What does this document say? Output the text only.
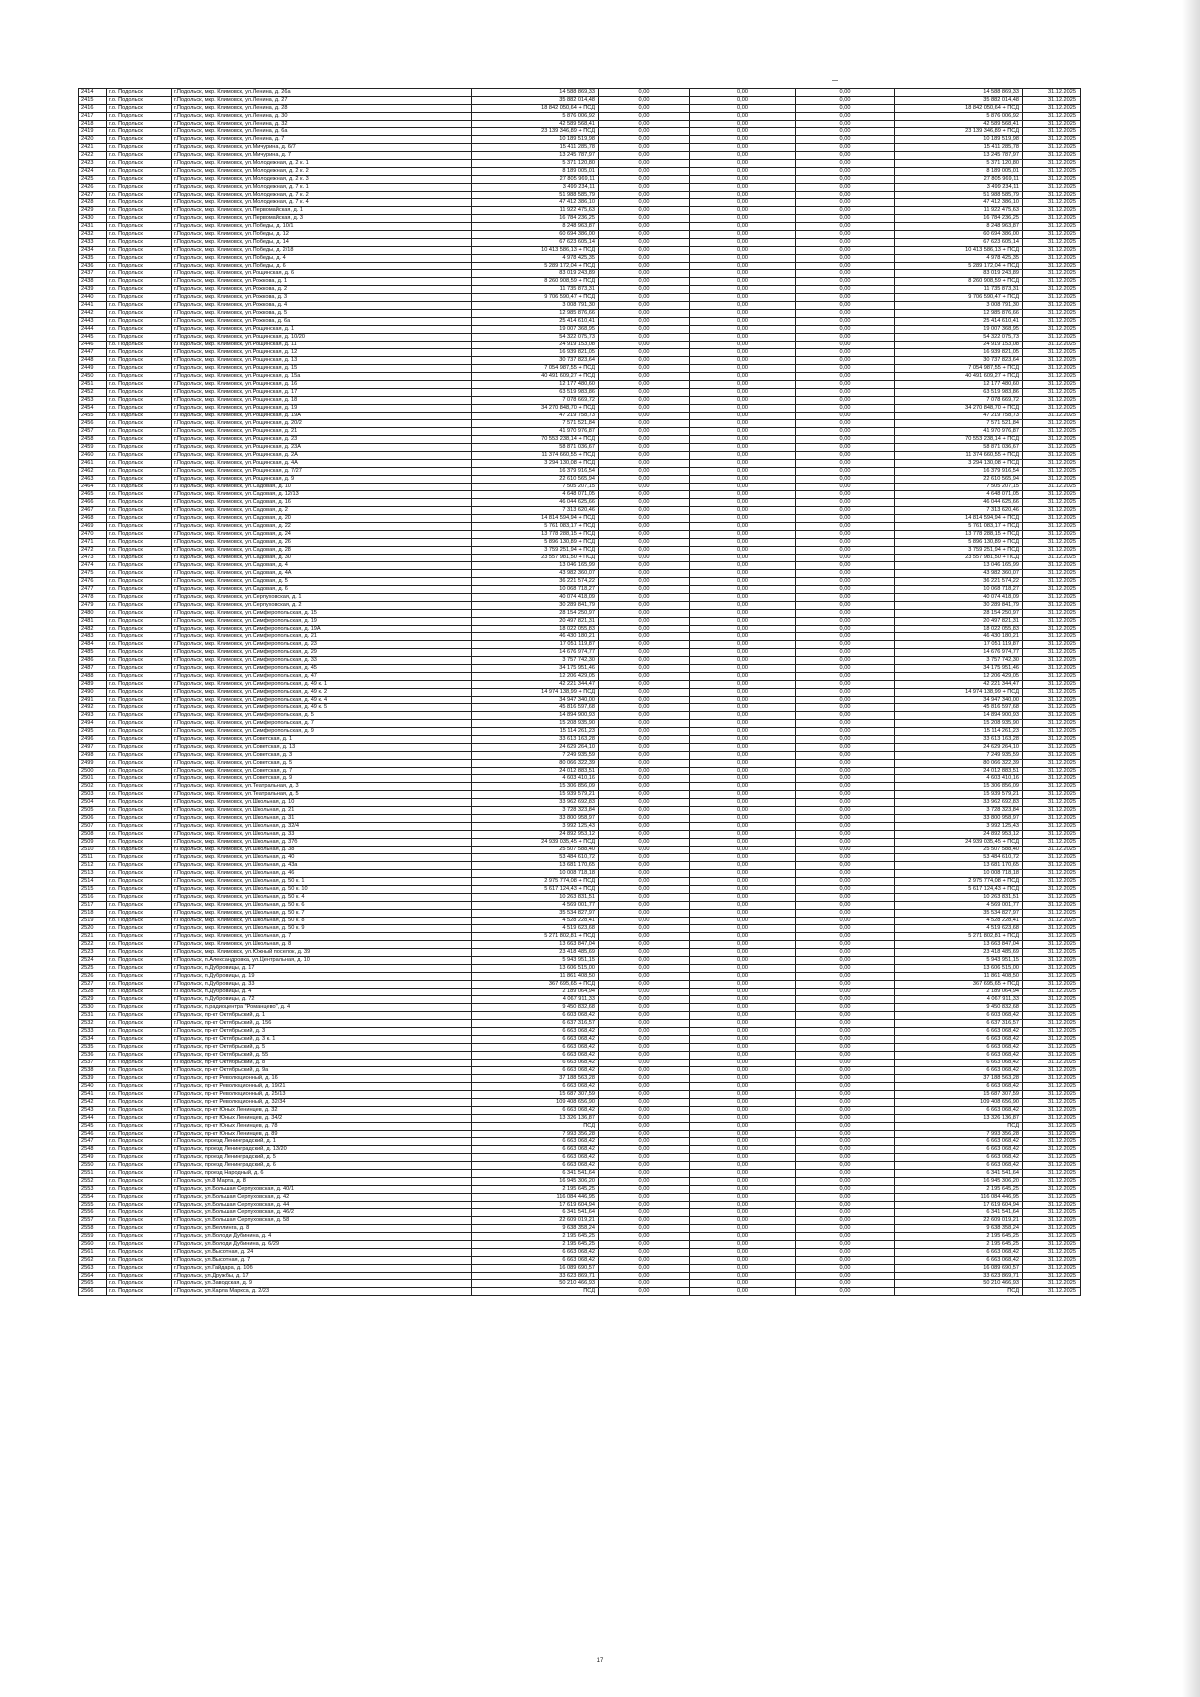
2414	г.о. Подольск	г.Подольск, мкр. Климовск, ул.Ленина, д. 26а	14 588 869,33	0,00	0,00	0,00	14 588 869,33	31.12.2025
2415	г.о. Подольск	г.Подольск, мкр. Климовск, ул.Ленина, д. 27	35 882 014,48	0,00	0,00	0,00	35 882 014,48	31.12.2025
2416	г.о. Подольск	г.Подольск, мкр. Климовск, ул.Ленина, д. 28	18 842 050,64 + ПСД	0,00	0,00	0,00	18 842 050,64 + ПСД	31.12.2025
2417	г.о. Подольск	г.Подольск, мкр. Климовск, ул.Ленина, д. 30	5 876 006,92	0,00	0,00	0,00	5 876 006,92	31.12.2025
2418	г.о. Подольск	г.Подольск, мкр. Климовск, ул.Ленина, д. 32	42 589 568,41	0,00	0,00	0,00	42 589 568,41	31.12.2025
2419	г.о. Подольск	г.Подольск, мкр. Климовск, ул.Ленина, д. 6а	23 139 346,89 + ПСД	0,00	0,00	0,00	23 139 346,89 + ПСД	31.12.2025
2420	г.о. Подольск	г.Подольск, мкр. Климовск, ул.Ленина, д. 7	10 189 519,98	0,00	0,00	0,00	10 189 519,98	31.12.2025
2421	г.о. Подольск	г.Подольск, мкр. Климовск, ул.Мичурина, д. 6/7	15 411 285,78	0,00	0,00	0,00	15 411 285,78	31.12.2025
2422	г.о. Подольск	г.Подольск, мкр. Климовск, ул.Мичурина, д. 7	13 245 787,97	0,00	0,00	0,00	13 245 787,97	31.12.2025
2423	г.о. Подольск	г.Подольск, мкр. Климовск, ул.Молодежная, д. 2 к. 1	5 371 120,80	0,00	0,00	0,00	5 371 120,80	31.12.2025
2424	г.о. Подольск	г.Подольск, мкр. Климовск, ул.Молодежная, д. 2 к. 2	8 189 005,01	0,00	0,00	0,00	8 189 005,01	31.12.2025
2425	г.о. Подольск	г.Подольск, мкр. Климовск, ул.Молодежная, д. 2 к. 3	27 805 969,11	0,00	0,00	0,00	27 805 969,11	31.12.2025
2426	г.о. Подольск	г.Подольск, мкр. Климовск, ул.Молодежная, д. 7 к. 1	3 499 234,11	0,00	0,00	0,00	3 499 234,11	31.12.2025
2427	г.о. Подольск	г.Подольск, мкр. Климовск, ул.Молодежная, д. 7 к. 2	51 988 585,79	0,00	0,00	0,00	51 988 585,79	31.12.2025
2428	г.о. Подольск	г.Подольск, мкр. Климовск, ул.Молодежная, д. 7 к. 4	47 412 386,10	0,00	0,00	0,00	47 412 386,10	31.12.2025
2429	г.о. Подольск	г.Подольск, мкр. Климовск, ул.Первомайская, д. 1	11 922 475,63	0,00	0,00	0,00	11 922 475,63	31.12.2025
2430	г.о. Подольск	г.Подольск, мкр. Климовск, ул.Первомайская, д. 3	16 784 236,25	0,00	0,00	0,00	16 784 236,25	31.12.2025
2431	г.о. Подольск	г.Подольск, мкр. Климовск, ул.Победы, д. 10/1	8 248 963,87	0,00	0,00	0,00	8 248 963,87	31.12.2025
2432	г.о. Подольск	г.Подольск, мкр. Климовск, ул.Победы, д. 12	60 694 386,00	0,00	0,00	0,00	60 694 386,00	31.12.2025
2433	г.о. Подольск	г.Подольск, мкр. Климовск, ул.Победы, д. 14	67 623 605,14	0,00	0,00	0,00	67 623 605,14	31.12.2025
2434	г.о. Подольск	г.Подольск, мкр. Климовск, ул.Победы, д. 2/18	10 413 586,13 + ПСД	0,00	0,00	0,00	10 413 586,13 + ПСД	31.12.2025
2435	г.о. Подольск	г.Подольск, мкр. Климовск, ул.Победы, д. 4	4 978 425,35	0,00	0,00	0,00	4 978 425,35	31.12.2025
2436	г.о. Подольск	г.Подольск, мкр. Климовск, ул.Победы, д. 6	5 289 172,04 + ПСД	0,00	0,00	0,00	5 289 172,04 + ПСД	31.12.2025
2437	г.о. Подольск	г.Подольск, мкр. Климовск, ул.Рощинская, д. 6	83 019 243,89	0,00	0,00	0,00	83 019 243,89	31.12.2025
2438	г.о. Подольск	г.Подольск, мкр. Климовск, ул.Рожкова, д. 1	8 260 908,59 + ПСД	0,00	0,00	0,00	8 260 908,59 + ПСД	31.12.2025
2439	г.о. Подольск	г.Подольск, мкр. Климовск, ул.Рожкова, д. 2	11 735 873,31	0,00	0,00	0,00	11 735 873,31	31.12.2025
2440	г.о. Подольск	г.Подольск, мкр. Климовск, ул.Рожкова, д. 3	9 706 590,47 + ПСД	0,00	0,00	0,00	9 706 590,47 + ПСД	31.12.2025
2441	г.о. Подольск	г.Подольск, мкр. Климовск, ул.Рожкова, д. 4	3 008 791,30	0,00	0,00	0,00	3 008 791,30	31.12.2025
2442	г.о. Подольск	г.Подольск, мкр. Климовск, ул.Рожкова, д. 5	12 985 876,66	0,00	0,00	0,00	12 985 876,66	31.12.2025
2443	г.о. Подольск	г.Подольск, мкр. Климовск, ул.Рожкова, д. 6а	25 414 610,41	0,00	0,00	0,00	25 414 610,41	31.12.2025
2444	г.о. Подольск	г.Подольск, мкр. Климовск, ул.Рощинская, д. 1	19 007 368,95	0,00	0,00	0,00	19 007 368,95	31.12.2025
2445	г.о. Подольск	г.Подольск, мкр. Климовск, ул.Рощинская, д. 10/20	54 322 075,73	0,00	0,00	0,00	54 322 075,73	31.12.2025
2446	г.о. Подольск	г.Подольск, мкр. Климовск, ул.Рощинская, д. 11	24 919 153,08	0,00	0,00	0,00	24 919 153,08	31.12.2025
2447	г.о. Подольск	г.Подольск, мкр. Климовск, ул.Рощинская, д. 12	16 939 821,05	0,00	0,00	0,00	16 939 821,05	31.12.2025
2448	г.о. Подольск	г.Подольск, мкр. Климовск, ул.Рощинская, д. 13	30 737 823,64	0,00	0,00	0,00	30 737 823,64	31.12.2025
2449	г.о. Подольск	г.Подольск, мкр. Климовск, ул.Рощинская, д. 15	7 054 987,55 + ПСД	0,00	0,00	0,00	7 054 987,55 + ПСД	31.12.2025
2450	г.о. Подольск	г.Подольск, мкр. Климовск, ул.Рощинская, д. 15а	40 491 609,27 + ПСД	0,00	0,00	0,00	40 491 609,27 + ПСД	31.12.2025
2451	г.о. Подольск	г.Подольск, мкр. Климовск, ул.Рощинская, д. 16	12 177 480,60	0,00	0,00	0,00	12 177 480,60	31.12.2025
2452	г.о. Подольск	г.Подольск, мкр. Климовск, ул.Рощинская, д. 17	63 519 983,86	0,00	0,00	0,00	63 519 983,86	31.12.2025
2453	г.о. Подольск	г.Подольск, мкр. Климовск, ул.Рощинская, д. 18	7 078 669,72	0,00	0,00	0,00	7 078 669,72	31.12.2025
2454	г.о. Подольск	г.Подольск, мкр. Климовск, ул.Рощинская, д. 19	34 270 848,70 + ПСД	0,00	0,00	0,00	34 270 848,70 + ПСД	31.12.2025
2455	г.о. Подольск	г.Подольск, мкр. Климовск, ул.Рощинская, д. 19А	47 219 758,73	0,00	0,00	0,00	47 219 758,73	31.12.2025
2456	г.о. Подольск	г.Подольск, мкр. Климовск, ул.Рощинская, д. 20/2	7 571 521,84	0,00	0,00	0,00	7 571 521,84	31.12.2025
2457	г.о. Подольск	г.Подольск, мкр. Климовск, ул.Рощинская, д. 21	41 970 976,87	0,00	0,00	0,00	41 970 976,87	31.12.2025
2458	г.о. Подольск	г.Подольск, мкр. Климовск, ул.Рощинская, д. 23	70 553 238,14 + ПСД	0,00	0,00	0,00	70 553 238,14 + ПСД	31.12.2025
2459	г.о. Подольск	г.Подольск, мкр. Климовск, ул.Рощинская, д. 23А	58 871 036,67	0,00	0,00	0,00	58 871 036,67	31.12.2025
2460	г.о. Подольск	г.Подольск, мкр. Климовск, ул.Рощинская, д. 2А	11 374 660,55 + ПСД	0,00	0,00	0,00	11 374 660,55 + ПСД	31.12.2025
2461	г.о. Подольск	г.Подольск, мкр. Климовск, ул.Рощинская, д. 4А	3 294 130,08 + ПСД	0,00	0,00	0,00	3 294 130,08 + ПСД	31.12.2025
2462	г.о. Подольск	г.Подольск, мкр. Климовск, ул.Рощинская, д. 7/27	16 379 916,54	0,00	0,00	0,00	16 379 916,54	31.12.2025
2463	г.о. Подольск	г.Подольск, мкр. Климовск, ул.Рощинская, д. 9	22 610 565,94	0,00	0,00	0,00	22 610 565,94	31.12.2025
2464	г.о. Подольск	г.Подольск, мкр. Климовск, ул.Садовая, д. 10	7 505 207,15	0,00	0,00	0,00	7 505 207,15	31.12.2025
2465	г.о. Подольск	г.Подольск, мкр. Климовск, ул.Садовая, д. 12/13	4 648 071,05	0,00	0,00	0,00	4 648 071,05	31.12.2025
2466	г.о. Подольск	г.Подольск, мкр. Климовск, ул.Садовая, д. 16	46 044 625,66	0,00	0,00	0,00	46 044 625,66	31.12.2025
2467	г.о. Подольск	г.Подольск, мкр. Климовск, ул.Садовая, д. 2	7 313 620,46	0,00	0,00	0,00	7 313 620,46	31.12.2025
2468	г.о. Подольск	г.Подольск, мкр. Климовск, ул.Садовая, д. 20	14 814 594,94 + ПСД	0,00	0,00	0,00	14 814 594,94 + ПСД	31.12.2025
2469	г.о. Подольск	г.Подольск, мкр. Климовск, ул.Садовая, д. 22	5 761 083,17 + ПСД	0,00	0,00	0,00	5 761 083,17 + ПСД	31.12.2025
2470	г.о. Подольск	г.Подольск, мкр. Климовск, ул.Садовая, д. 24	13 778 288,15 + ПСД	0,00	0,00	0,00	13 778 288,15 + ПСД	31.12.2025
2471	г.о. Подольск	г.Подольск, мкр. Климовск, ул.Садовая, д. 26	5 896 130,89 + ПСД	0,00	0,00	0,00	5 896 130,89 + ПСД	31.12.2025
2472	г.о. Подольск	г.Подольск, мкр. Климовск, ул.Садовая, д. 28	3 759 251,94 + ПСД	0,00	0,00	0,00	3 759 251,94 + ПСД	31.12.2025
2473	г.о. Подольск	г.Подольск, мкр. Климовск, ул.Садовая, д. 30	23 557 981,50 + ПСД	0,00	0,00	0,00	23 557 981,50 + ПСД	31.12.2025
2474	г.о. Подольск	г.Подольск, мкр. Климовск, ул.Садовая, д. 4	13 046 165,99	0,00	0,00	0,00	13 046 165,99	31.12.2025
2475	г.о. Подольск	г.Подольск, мкр. Климовск, ул.Садовая, д. 4А	43 982 360,07	0,00	0,00	0,00	43 982 360,07	31.12.2025
2476	г.о. Подольск	г.Подольск, мкр. Климовск, ул.Садовая, д. 5	36 221 574,22	0,00	0,00	0,00	36 221 574,22	31.12.2025
2477	г.о. Подольск	г.Подольск, мкр. Климовск, ул.Садовая, д. 6	10 068 718,27	0,00	0,00	0,00	10 068 718,27	31.12.2025
2478	г.о. Подольск	г.Подольск, мкр. Климовск, ул.Серпуховская, д. 1	40 074 418,09	0,00	0,00	0,00	40 074 418,09	31.12.2025
2479	г.о. Подольск	г.Подольск, мкр. Климовск, ул.Серпуховская, д. 2	30 289 841,79	0,00	0,00	0,00	30 289 841,79	31.12.2025
2480	г.о. Подольск	г.Подольск, мкр. Климовск, ул.Симферопольская, д. 15	28 154 250,97	0,00	0,00	0,00	28 154 250,97	31.12.2025
2481	г.о. Подольск	г.Подольск, мкр. Климовск, ул.Симферопольская, д. 19	20 497 821,31	0,00	0,00	0,00	20 497 821,31	31.12.2025
2482	г.о. Подольск	г.Подольск, мкр. Климовск, ул.Симферопольская, д. 19А	18 022 055,83	0,00	0,00	0,00	18 022 055,83	31.12.2025
2483	г.о. Подольск	г.Подольск, мкр. Климовск, ул.Симферопольская, д. 21	46 430 180,21	0,00	0,00	0,00	46 430 180,21	31.12.2025
2484	г.о. Подольск	г.Подольск, мкр. Климовск, ул.Симферопольская, д. 23	17 051 119,87	0,00	0,00	0,00	17 051 119,87	31.12.2025
2485	г.о. Подольск	г.Подольск, мкр. Климовск, ул.Симферопольская, д. 29	14 676 974,77	0,00	0,00	0,00	14 676 974,77	31.12.2025
2486	г.о. Подольск	г.Подольск, мкр. Климовск, ул.Симферопольская, д. 33	3 757 742,30	0,00	0,00	0,00	3 757 742,30	31.12.2025
2487	г.о. Подольск	г.Подольск, мкр. Климовск, ул.Симферопольская, д. 45	34 175 951,46	0,00	0,00	0,00	34 175 951,46	31.12.2025
2488	г.о. Подольск	г.Подольск, мкр. Климовск, ул.Симферопольская, д. 47	12 206 429,05	0,00	0,00	0,00	12 206 429,05	31.12.2025
2489	г.о. Подольск	г.Подольск, мкр. Климовск, ул.Симферопольская, д. 49 к. 1	42 221 344,47	0,00	0,00	0,00	42 221 344,47	31.12.2025
2490	г.о. Подольск	г.Подольск, мкр. Климовск, ул.Симферопольская, д. 49 к. 2	14 974 138,99 + ПСД	0,00	0,00	0,00	14 974 138,99 + ПСД	31.12.2025
2491	г.о. Подольск	г.Подольск, мкр. Климовск, ул.Симферопольская, д. 49 к. 4	34 947 340,00	0,00	0,00	0,00	34 947 340,00	31.12.2025
2492	г.о. Подольск	г.Подольск, мкр. Климовск, ул.Симферопольская, д. 49 к. 5	45 816 597,68	0,00	0,00	0,00	45 816 597,68	31.12.2025
2493	г.о. Подольск	г.Подольск, мкр. Климовск, ул.Симферопольская, д. 5	14 894 900,93	0,00	0,00	0,00	14 894 900,93	31.12.2025
2494	г.о. Подольск	г.Подольск, мкр. Климовск, ул.Симферопольская, д. 7	15 208 935,90	0,00	0,00	0,00	15 208 935,90	31.12.2025
2495	г.о. Подольск	г.Подольск, мкр. Климовск, ул.Симферопольская, д. 9	15 114 261,23	0,00	0,00	0,00	15 114 261,23	31.12.2025
2496	г.о. Подольск	г.Подольск, мкр. Климовск, ул.Советская, д. 1	33 613 163,28	0,00	0,00	0,00	33 613 163,28	31.12.2025
2497	г.о. Подольск	г.Подольск, мкр. Климовск, ул.Советская, д. 13	24 629 264,10	0,00	0,00	0,00	24 629 264,10	31.12.2025
2498	г.о. Подольск	г.Подольск, мкр. Климовск, ул.Советская, д. 3	7 249 935,59	0,00	0,00	0,00	7 249 935,59	31.12.2025
2499	г.о. Подольск	г.Подольск, мкр. Климовск, ул.Советская, д. 5	80 066 322,39	0,00	0,00	0,00	80 066 322,39	31.12.2025
2500	г.о. Подольск	г.Подольск, мкр. Климовск, ул.Советская, д. 7	24 012 883,51	0,00	0,00	0,00	24 012 883,51	31.12.2025
2501	г.о. Подольск	г.Подольск, мкр. Климовск, ул.Советская, д. 9	4 603 410,16	0,00	0,00	0,00	4 603 410,16	31.12.2025
2502	г.о. Подольск	г.Подольск, мкр. Климовск, ул.Театральная, д. 3	15 306 856,09	0,00	0,00	0,00	15 306 856,09	31.12.2025
2503	г.о. Подольск	г.Подольск, мкр. Климовск, ул.Театральная, д. 5	15 939 579,21	0,00	0,00	0,00	15 939 579,21	31.12.2025
2504	г.о. Подольск	г.Подольск, мкр. Климовск, ул.Школьная, д. 10	33 962 692,83	0,00	0,00	0,00	33 962 692,83	31.12.2025
2505	г.о. Подольск	г.Подольск, мкр. Климовск, ул.Школьная, д. 21	3 728 323,84	0,00	0,00	0,00	3 728 323,84	31.12.2025
2506	г.о. Подольск	г.Подольск, мкр. Климовск, ул.Школьная, д. 31	33 800 958,97	0,00	0,00	0,00	33 800 958,97	31.12.2025
2507	г.о. Подольск	г.Подольск, мкр. Климовск, ул.Школьная, д. 32/4	3 992 125,43	0,00	0,00	0,00	3 992 125,43	31.12.2025
2508	г.о. Подольск	г.Подольск, мкр. Климовск, ул.Школьная, д. 33	24 892 953,12	0,00	0,00	0,00	24 892 953,12	31.12.2025
2509	г.о. Подольск	г.Подольск, мкр. Климовск, ул.Школьная, д. 37б	24 939 035,45 + ПСД	0,00	0,00	0,00	24 939 035,45 + ПСД	31.12.2025
2510	г.о. Подольск	г.Подольск, мкр. Климовск, ул.Школьная, д. 38	25 507 588,40	0,00	0,00	0,00	25 507 588,40	31.12.2025
2511	г.о. Подольск	г.Подольск, мкр. Климовск, ул.Школьная, д. 40	53 484 610,72	0,00	0,00	0,00	53 484 610,72	31.12.2025
2512	г.о. Подольск	г.Подольск, мкр. Климовск, ул.Школьная, д. 43а	13 681 170,65	0,00	0,00	0,00	13 681 170,65	31.12.2025
2513	г.о. Подольск	г.Подольск, мкр. Климовск, ул.Школьная, д. 46	10 008 718,18	0,00	0,00	0,00	10 008 718,18	31.12.2025
2514	г.о. Подольск	г.Подольск, мкр. Климовск, ул.Школьная, д. 50 к. 1	2 975 774,08 + ПСД	0,00	0,00	0,00	2 975 774,08 + ПСД	31.12.2025
2515	г.о. Подольск	г.Подольск, мкр. Климовск, ул.Школьная, д. 50 к. 10	5 617 124,43 + ПСД	0,00	0,00	0,00	5 617 124,43 + ПСД	31.12.2025
2516	г.о. Подольск	г.Подольск, мкр. Климовск, ул.Школьная, д. 50 к. 4	10 263 831,51	0,00	0,00	0,00	10 263 831,51	31.12.2025
2517	г.о. Подольск	г.Подольск, мкр. Климовск, ул.Школьная, д. 50 к. 6	4 569 001,77	0,00	0,00	0,00	4 569 001,77	31.12.2025
2518	г.о. Подольск	г.Подольск, мкр. Климовск, ул.Школьная, д. 50 к. 7	35 534 827,97	0,00	0,00	0,00	35 534 827,97	31.12.2025
2519	г.о. Подольск	г.Подольск, мкр. Климовск, ул.Школьная, д. 50 к. 8	4 528 228,41	0,00	0,00	0,00	4 528 228,41	31.12.2025
2520	г.о. Подольск	г.Подольск, мкр. Климовск, ул.Школьная, д. 50 к. 9	4 519 623,68	0,00	0,00	0,00	4 519 623,68	31.12.2025
2521	г.о. Подольск	г.Подольск, мкр. Климовск, ул.Школьная, д. 7	5 271 802,81 + ПСД	0,00	0,00	0,00	5 271 802,81 + ПСД	31.12.2025
2522	г.о. Подольск	г.Подольск, мкр. Климовск, ул.Школьная, д. 8	13 663 847,04	0,00	0,00	0,00	13 663 847,04	31.12.2025
2523	г.о. Подольск	г.Подольск, мкр. Климовск, ул.Южный поселок, д. 39	23 418 485,69	0,00	0,00	0,00	23 418 485,69	31.12.2025
2524	г.о. Подольск	г.Подольск, п.Александровка, ул.Центральная, д. 10	5 943 951,15	0,00	0,00	0,00	5 943 951,15	31.12.2025
2525	г.о. Подольск	г.Подольск, п.Дубровицы, д. 17	13 606 515,00	0,00	0,00	0,00	13 606 515,00	31.12.2025
2526	г.о. Подольск	г.Подольск, п.Дубровицы, д. 19	11 861 408,50	0,00	0,00	0,00	11 861 408,50	31.12.2025
2527	г.о. Подольск	г.Подольск, п.Дубровицы, д. 33	367 695,65 + ПСД	0,00	0,00	0,00	367 695,65 + ПСД	31.12.2025
2528	г.о. Подольск	г.Подольск, п.Дубровицы, д. 4	2 189 064,94	0,00	0,00	0,00	2 189 064,94	31.12.2025
2529	г.о. Подольск	г.Подольск, п.Дубровицы, д. 72	4 067 911,33	0,00	0,00	0,00	4 067 911,33	31.12.2025
2530	г.о. Подольск	г.Подольск, п.радиоцентра "Романцево", д. 4	9 450 832,68	0,00	0,00	0,00	9 450 832,68	31.12.2025
2531	г.о. Подольск	г.Подольск, пр-кт Октябрьский, д. 1	6 603 068,42	0,00	0,00	0,00	6 603 068,42	31.12.2025
2532	г.о. Подольск	г.Подольск, пр-кт Октябрьский, д. 156	6 637 316,57	0,00	0,00	0,00	6 637 316,57	31.12.2025
2533	г.о. Подольск	г.Подольск, пр-кт Октябрьский, д. 3	6 663 068,42	0,00	0,00	0,00	6 663 068,42	31.12.2025
2534	г.о. Подольск	г.Подольск, пр-кт Октябрьский, д. 3 к. 1	6 663 068,42	0,00	0,00	0,00	6 663 068,42	31.12.2025
2535	г.о. Подольск	г.Подольск, пр-кт Октябрьский, д. 5	6 663 068,42	0,00	0,00	0,00	6 663 068,42	31.12.2025
2536	г.о. Подольск	г.Подольск, пр-кт Октябрьский, д. 55	6 663 068,42	0,00	0,00	0,00	6 663 068,42	31.12.2025
2537	г.о. Подольск	г.Подольск, пр-кт Октябрьский, д. 8	6 663 068,42	0,00	0,00	0,00	6 663 068,42	31.12.2025
2538	г.о. Подольск	г.Подольск, пр-кт Октябрьский, д. 9а	6 663 068,42	0,00	0,00	0,00	6 663 068,42	31.12.2025
2539	г.о. Подольск	г.Подольск, пр-кт Революционный, д. 16	37 188 563,28	0,00	0,00	0,00	37 188 563,28	31.12.2025
2540	г.о. Подольск	г.Подольск, пр-кт Революционный, д. 19/21	6 663 068,42	0,00	0,00	0,00	6 663 068,42	31.12.2025
2541	г.о. Подольск	г.Подольск, пр-кт Революционный, д. 25/13	15 687 307,59	0,00	0,00	0,00	15 687 307,59	31.12.2025
2542	г.о. Подольск	г.Подольск, пр-кт Революционный, д. 32/34	109 408 656,90	0,00	0,00	0,00	109 408 656,90	31.12.2025
2543	г.о. Подольск	г.Подольск, пр-кт Юных Ленинцев, д. 32	6 663 068,42	0,00	0,00	0,00	6 663 068,42	31.12.2025
2544	г.о. Подольск	г.Подольск, пр-кт Юных Ленинцев, д. 34/2	13 326 136,87	0,00	0,00	0,00	13 326 136,87	31.12.2025
2545	г.о. Подольск	г.Подольск, пр-кт Юных Ленинцев, д. 78	ПСД	0,00	0,00	0,00	ПСД	31.12.2025
2546	г.о. Подольск	г.Подольск, пр-кт Юных Ленинцев, д. 89	7 993 356,28	0,00	0,00	0,00	7 993 356,28	31.12.2025
2547	г.о. Подольск	г.Подольск, проезд Ленинградский, д. 1	6 663 068,42	0,00	0,00	0,00	6 663 068,42	31.12.2025
2548	г.о. Подольск	г.Подольск, проезд Ленинградский, д. 13/20	6 663 068,42	0,00	0,00	0,00	6 663 068,42	31.12.2025
2549	г.о. Подольск	г.Подольск, проезд Ленинградский, д. 5	6 663 068,42	0,00	0,00	0,00	6 663 068,42	31.12.2025
2550	г.о. Подольск	г.Подольск, проезд Ленинградский, д. 6	6 663 068,42	0,00	0,00	0,00	6 663 068,42	31.12.2025
2551	г.о. Подольск	г.Подольск, проезд Народный, д. 6	6 341 541,64	0,00	0,00	0,00	6 341 541,64	31.12.2025
2552	г.о. Подольск	г.Подольск, ул.8 Марта, д. 8	16 945 306,20	0,00	0,00	0,00	16 945 306,20	31.12.2025
2553	г.о. Подольск	г.Подольск, ул.Большая Серпуховская, д. 40/1	2 195 645,25	0,00	0,00	0,00	2 195 645,25	31.12.2025
2554	г.о. Подольск	г.Подольск, ул.Большая Серпуховская, д. 42	116 084 446,95	0,00	0,00	0,00	116 084 446,95	31.12.2025
2555	г.о. Подольск	г.Подольск, ул.Большая Серпуховская, д. 44	17 619 604,94	0,00	0,00	0,00	17 619 604,94	31.12.2025
2556	г.о. Подольск	г.Подольск, ул.Большая Серпуховская, д. 46/2	6 341 541,64	0,00	0,00	0,00	6 341 541,64	31.12.2025
2557	г.о. Подольск	г.Подольск, ул.Большая Серпуховская, д. 58	22 609 019,21	0,00	0,00	0,00	22 609 019,21	31.12.2025
2558	г.о. Подольск	г.Подольск, ул.Веллинга, д. 8	9 638 358,24	0,00	0,00	0,00	9 638 358,24	31.12.2025
2559	г.о. Подольск	г.Подольск, ул.Володи Дубинина, д. 4	2 195 645,25	0,00	0,00	0,00	2 195 645,25	31.12.2025
2560	г.о. Подольск	г.Подольск, ул.Володи Дубинина, д. 6/29	2 195 645,25	0,00	0,00	0,00	2 195 645,25	31.12.2025
2561	г.о. Подольск	г.Подольск, ул.Высотная, д. 24	6 663 068,42	0,00	0,00	0,00	6 663 068,42	31.12.2025
2562	г.о. Подольск	г.Подольск, ул.Высотная, д. 7	6 663 068,42	0,00	0,00	0,00	6 663 068,42	31.12.2025
2563	г.о. Подольск	г.Подольск, ул.Гайдара, д. 10б	16 089 690,57	0,00	0,00	0,00	16 089 690,57	31.12.2025
2564	г.о. Подольск	г.Подольск, ул.Дружбы, д. 17	33 623 869,71	0,00	0,00	0,00	33 623 869,71	31.12.2025
2565	г.о. Подольск	г.Подольск, ул.Заводская, д. 9	50 210 466,93	0,00	0,00	0,00	50 210 466,93	31.12.2025
2566	г.о. Подольск	г.Подольск, ул.Карла Маркса, д. 2/23	ПСД	0,00	0,00	0,00	ПСД	31.12.2025
17
